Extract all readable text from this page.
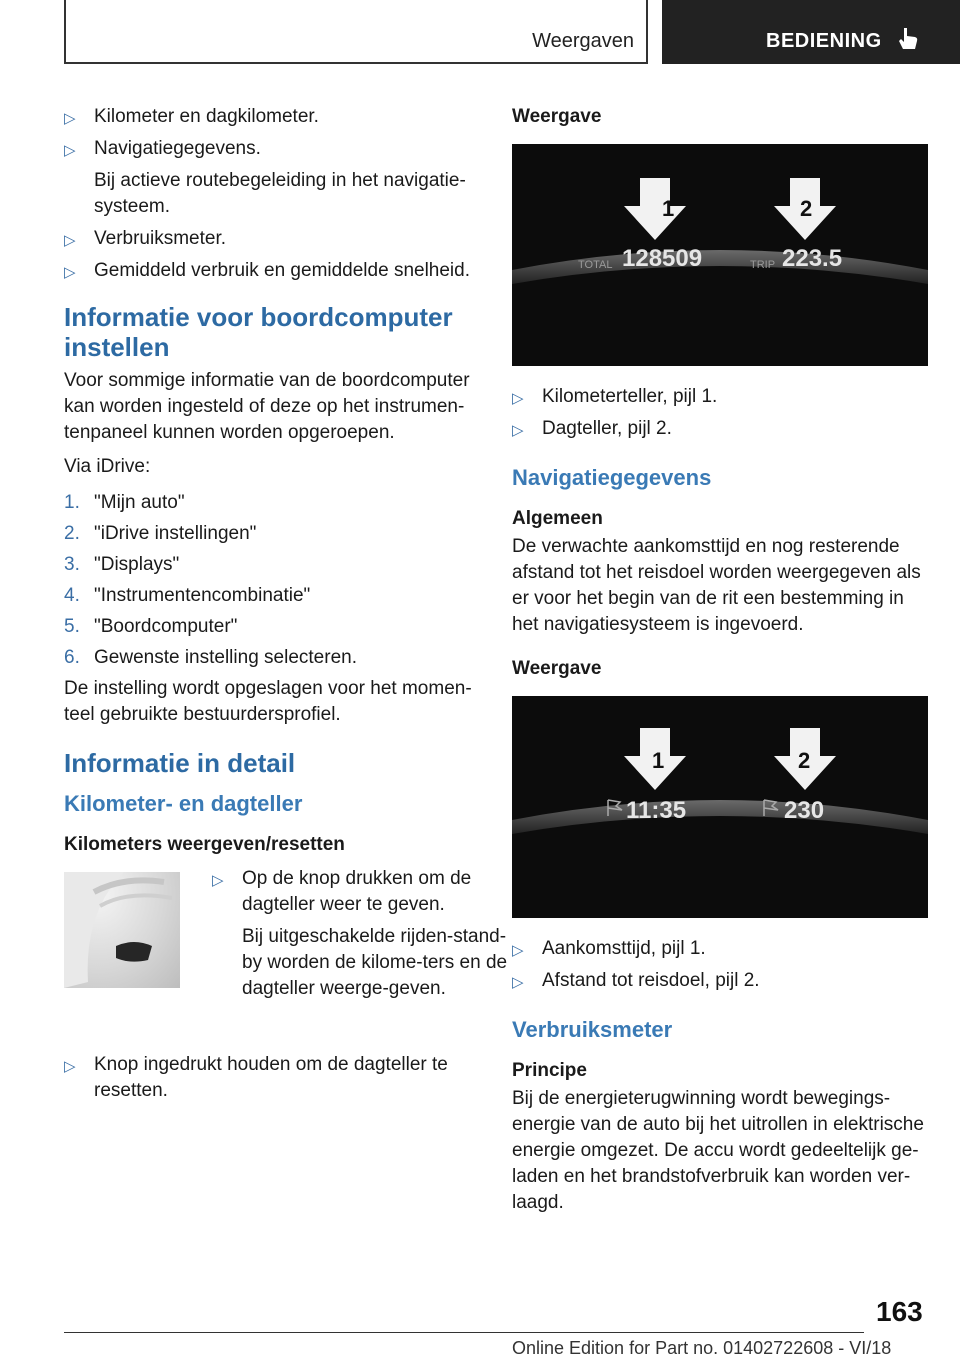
Weergaven	BEDIENING
▷ Kilometer en dagkilometer.

▷ Navigatiegegevens.

Bij actieve routebegeleiding in het navigatie-systeem.

▷ Verbruiksmeter.

▷ Gemiddeld verbruik en gemiddelde snelheid.

Informatie voor boordcomputer instellen

Voor sommige informatie van de boordcomputer kan worden ingesteld of deze op het instrumen-tenpaneel kunnen worden opgeroepen.

Via iDrive:

1. "Mijn auto"
2. "iDrive instellingen"
3. "Displays"
4. "Instrumentencombinatie"
5. "Boordcomputer"
6. Gewenste instelling selecteren.

De instelling wordt opgeslagen voor het momen-teel gebruikte bestuurdersprofiel.

Informatie in detail
Kilometer- en dagteller
Kilometers weergeven/resetten
▷ Op de knop drukken om de dagteller weer te geven.

Bij uitgeschakelde rijden-stand-by worden de kilome-ters en de dagteller weerge-geven.

▷ Knop ingedrukt houden om de dagteller te resetten.

Weergave
1	2
TOTAL 128509	TRIP 223.5
▷ Kilometerteller, pijl 1.

▷ Dagteller, pijl 2.

Navigatiegegevens
Algemeen

De verwachte aankomsttijd en nog resterende afstand tot het reisdoel worden weergegeven als er voor het begin van de rit een bestemming in het navigatiesysteem is ingevoerd.

Weergave
1	2
11:35	230
▷ Aankomsttijd, pijl 1.

▷ Afstand tot reisdoel, pijl 2.

Verbruiksmeter
Principe

Bij de energieterugwinning wordt bewegings-energie van de auto bij het uitrollen in elektrische energie omgezet. De accu wordt gedeeltelijk ge-laden en het brandstofverbruik kan worden ver-laagd.

163
Online Edition for Part no. 01402722608 - VI/18
